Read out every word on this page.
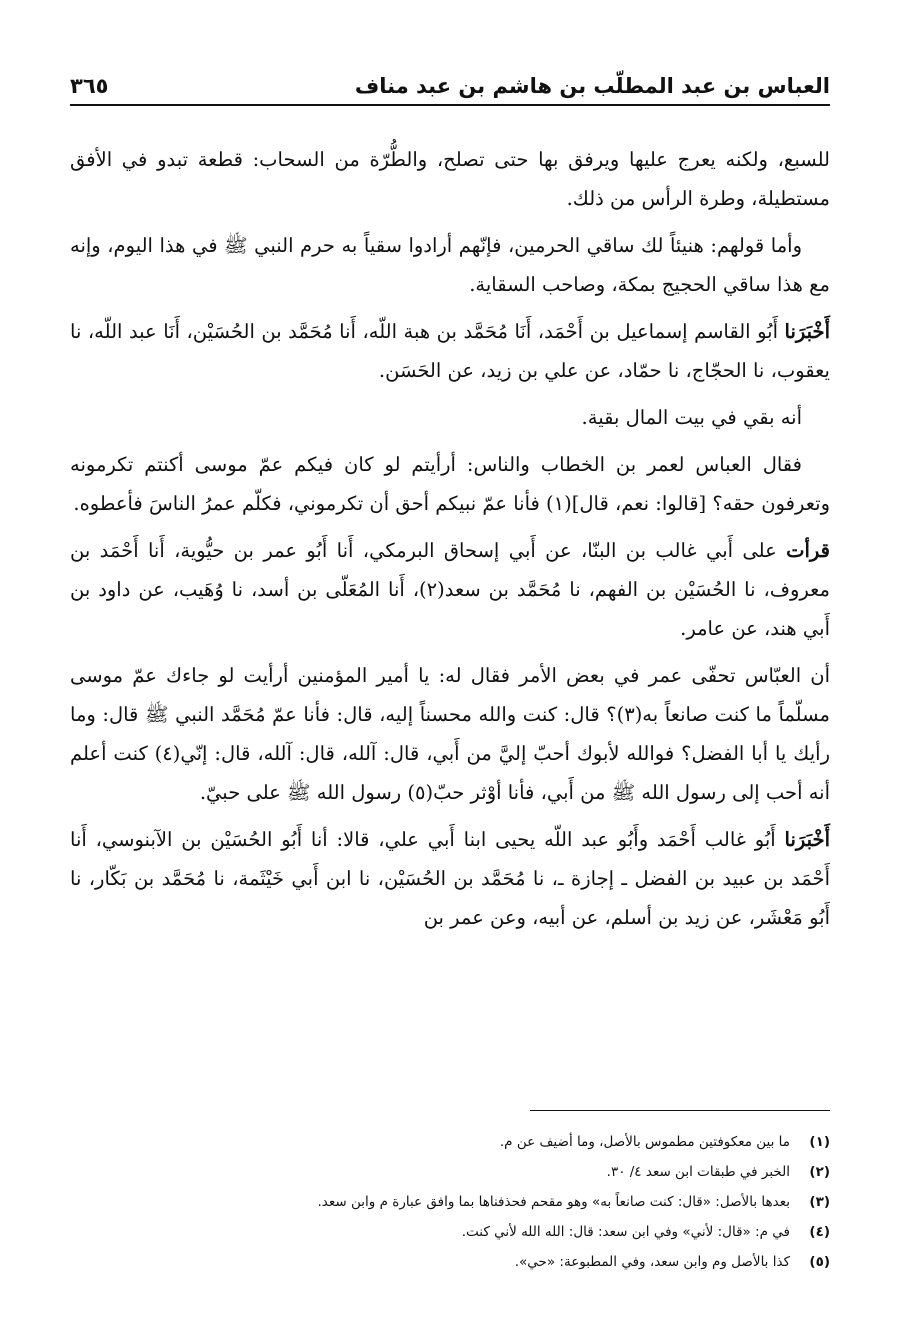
العباس بن عبد المطلّب بن هاشم بن عبد مناف
٣٦٥

للسبع، ولكنه يعرج عليها ويرفق بها حتى تصلح، والطُّرّة من السحاب: قطعة تبدو في الأفق مستطيلة، وطرة الرأس من ذلك.

وأما قولهم: هنيئاً لك ساقي الحرمين، فإنّهم أرادوا سقياً به حرم النبي ﷺ في هذا اليوم، وإنه مع هذا ساقي الحجيج بمكة، وصاحب السقاية.

أَخْبَرَنا أَبُو القاسم إسماعيل بن أَحْمَد، أَنَا مُحَمَّد بن هبة اللّه، أَنا مُحَمَّد بن الحُسَيْن، أَنَا عبد اللّه، نا يعقوب، نا الحجّاج، نا حمّاد، عن علي بن زيد، عن الحَسَن.

أنه بقي في بيت المال بقية.

فقال العباس لعمر بن الخطاب والناس: أرأيتم لو كان فيكم عمّ موسى أكنتم تكرمونه وتعرفون حقه؟ [قالوا: نعم، قال](١) فأنا عمّ نبيكم أحق أن تكرموني، فكلّم عمرُ الناسَ فأعطوه.

قرأت على أَبي غالب بن البنّا، عن أَبي إسحاق البرمكي، أَنا أَبُو عمر بن حيُّوية، أَنا أَحْمَد بن معروف، نا الحُسَيْن بن الفهم، نا مُحَمَّد بن سعد(٢)، أَنا المُعَلّى بن أسد، نا وُهَيب، عن داود بن أَبي هند، عن عامر.

أن العبّاس تحفّى عمر في بعض الأمر فقال له: يا أمير المؤمنين أرأيت لو جاءك عمّ موسى مسلّماً ما كنت صانعاً به(٣)؟ قال: كنت والله محسناً إليه، قال: فأنا عمّ مُحَمَّد النبي ﷺ قال: وما رأيك يا أبا الفضل؟ فوالله لأبوك أحبّ إليَّ من أَبي، قال: آلله، قال: آلله، قال: إنّي(٤) كنت أعلم أنه أحب إلى رسول الله ﷺ من أَبي، فأنا أوْثر حبّ(٥) رسول الله ﷺ على حبيّ.

أَخْبَرَنا أَبُو غالب أَحْمَد وأَبُو عبد اللّه يحيى ابنا أَبي علي، قالا: أنا أَبُو الحُسَيْن بن الآبنوسي، أَنا أَحْمَد بن عبيد بن الفضل ـ إجازة ـ، نا مُحَمَّد بن الحُسَيْن، نا ابن أَبي خَيْثَمة، نا مُحَمَّد بن بَكّار، نا أَبُو مَعْشَر، عن زيد بن أسلم، عن أبيه، وعن عمر بن

(١)
ما بين معكوفتين مطموس بالأصل، وما أضيف عن م.
(٢)
الخبر في طبقات ابن سعد ٤/ ٣٠.
(٣)
بعدها بالأصل: «قال: كنت صانعاً به» وهو مقحم فحذفناها بما وافق عبارة م وابن سعد.
(٤)
في م: «قال: لأني» وفي ابن سعد: قال: الله الله لأني كنت.
(٥)
كذا بالأصل وم وابن سعد، وفي المطبوعة: «حي».
